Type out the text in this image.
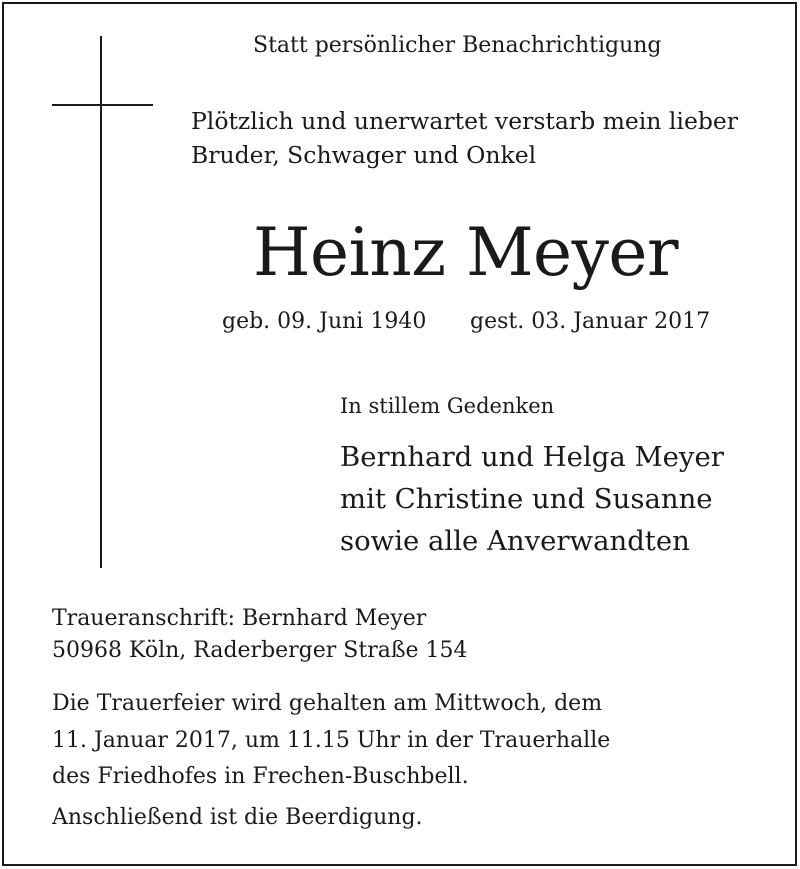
Statt persönlicher Benachrichtigung

Plötzlich und unerwartet verstarb mein lieber
Bruder, Schwager und Onkel
Heinz Meyer

geb. 09. Juni 1940 gest. 03. Januar 2017

In stillem Gedenken

Bernhard und Helga Meyer
mit Christine und Susanne
sowie alle Anverwandten
Traueranschrift: Bernhard Meyer
50968 Köln, Raderberger Straße 154
Die Trauerfeier wird gehalten am Mittwoch, dem
11. Januar 2017, um 11.15 Uhr in der Trauerhalle
des Friedhofes in Frechen-Buschbell.

Anschließend ist die Beerdigung.
